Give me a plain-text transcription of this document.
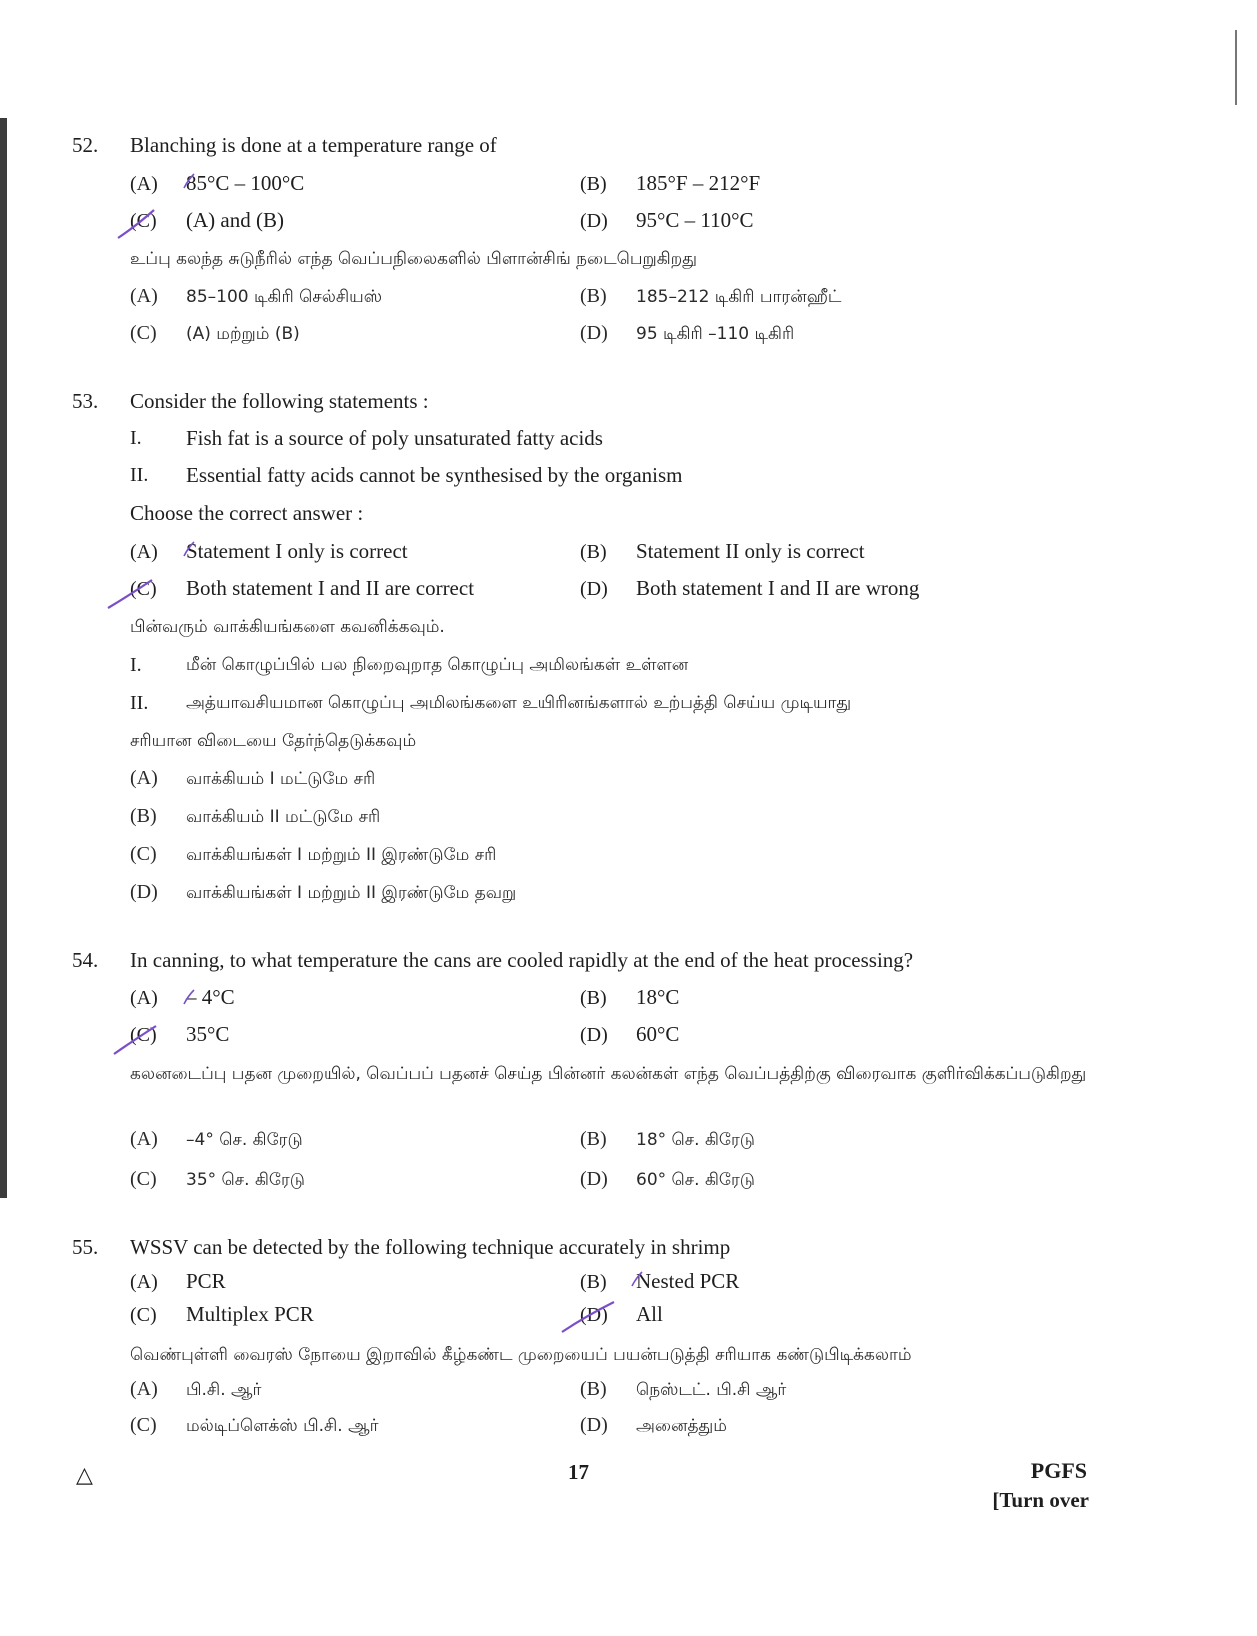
52. Blanching is done at a temperature range of
(A) 85°C – 100°C	(B) 185°F – 212°F
(C) (A) and (B)	(D) 95°C – 110°C
உப்பு கலந்த சுடுநீரில் எந்த வெப்பநிலைகளில் பிளான்சிங் நடைபெறுகிறது
(A) 85–100 டிகிரி செல்சியஸ்	(B) 185–212 டிகிரி பாரன்ஹீட்
(C) (A) மற்றும் (B)	(D) 95 டிகிரி –110 டிகிரி
53. Consider the following statements :
I. Fish fat is a source of poly unsaturated fatty acids
II. Essential fatty acids cannot be synthesised by the organism
Choose the correct answer :
(A) Statement I only is correct	(B) Statement II only is correct
(C) Both statement I and II are correct	(D) Both statement I and II are wrong
பின்வரும் வாக்கியங்களை கவனிக்கவும்.
I.	மீன் கொழுப்பில் பல நிறைவுறாத கொழுப்பு அமிலங்கள் உள்ளன
II. அத்யாவசியமான கொழுப்பு அமிலங்களை உயிரினங்களால் உற்பத்தி செய்ய முடியாது
சரியான விடையை தேர்ந்தெடுக்கவும்
(A) வாக்கியம் I மட்டுமே சரி
(B) வாக்கியம் II மட்டுமே சரி
(C) வாக்கியங்கள் I மற்றும் II இரண்டுமே சரி
(D) வாக்கியங்கள் I மற்றும் II இரண்டுமே தவறு
54. In canning, to what temperature the cans are cooled rapidly at the end of the heat processing?
(A) – 4°C	(B) 18°C
(C) 35°C	(D) 60°C
கலனடைப்பு பதன முறையில், வெப்பப் பதனச் செய்த பின்னர் கலன்கள் எந்த வெப்பத்திற்கு விரைவாக குளிர்விக்கப்படுகிறது
(A) –4° செ. கிரேடு	(B) 18° செ. கிரேடு
(C) 35° செ. கிரேடு	(D) 60° செ. கிரேடு
55. WSSV can be detected by the following technique accurately in shrimp
(A) PCR	(B) Nested PCR
(C) Multiplex PCR	(D) All
வெண்புள்ளி வைரஸ் நோயை இறாவில் கீழ்கண்ட முறையைப் பயன்படுத்தி சரியாக கண்டுபிடிக்கலாம்
(A) பி.சி. ஆர்	(B) நெஸ்டட். பி.சி ஆர்
(C) மல்டிப்ளெக்ஸ் பி.சி. ஆர்	(D) அனைத்தும்
△	17	PGFS
[Turn over
